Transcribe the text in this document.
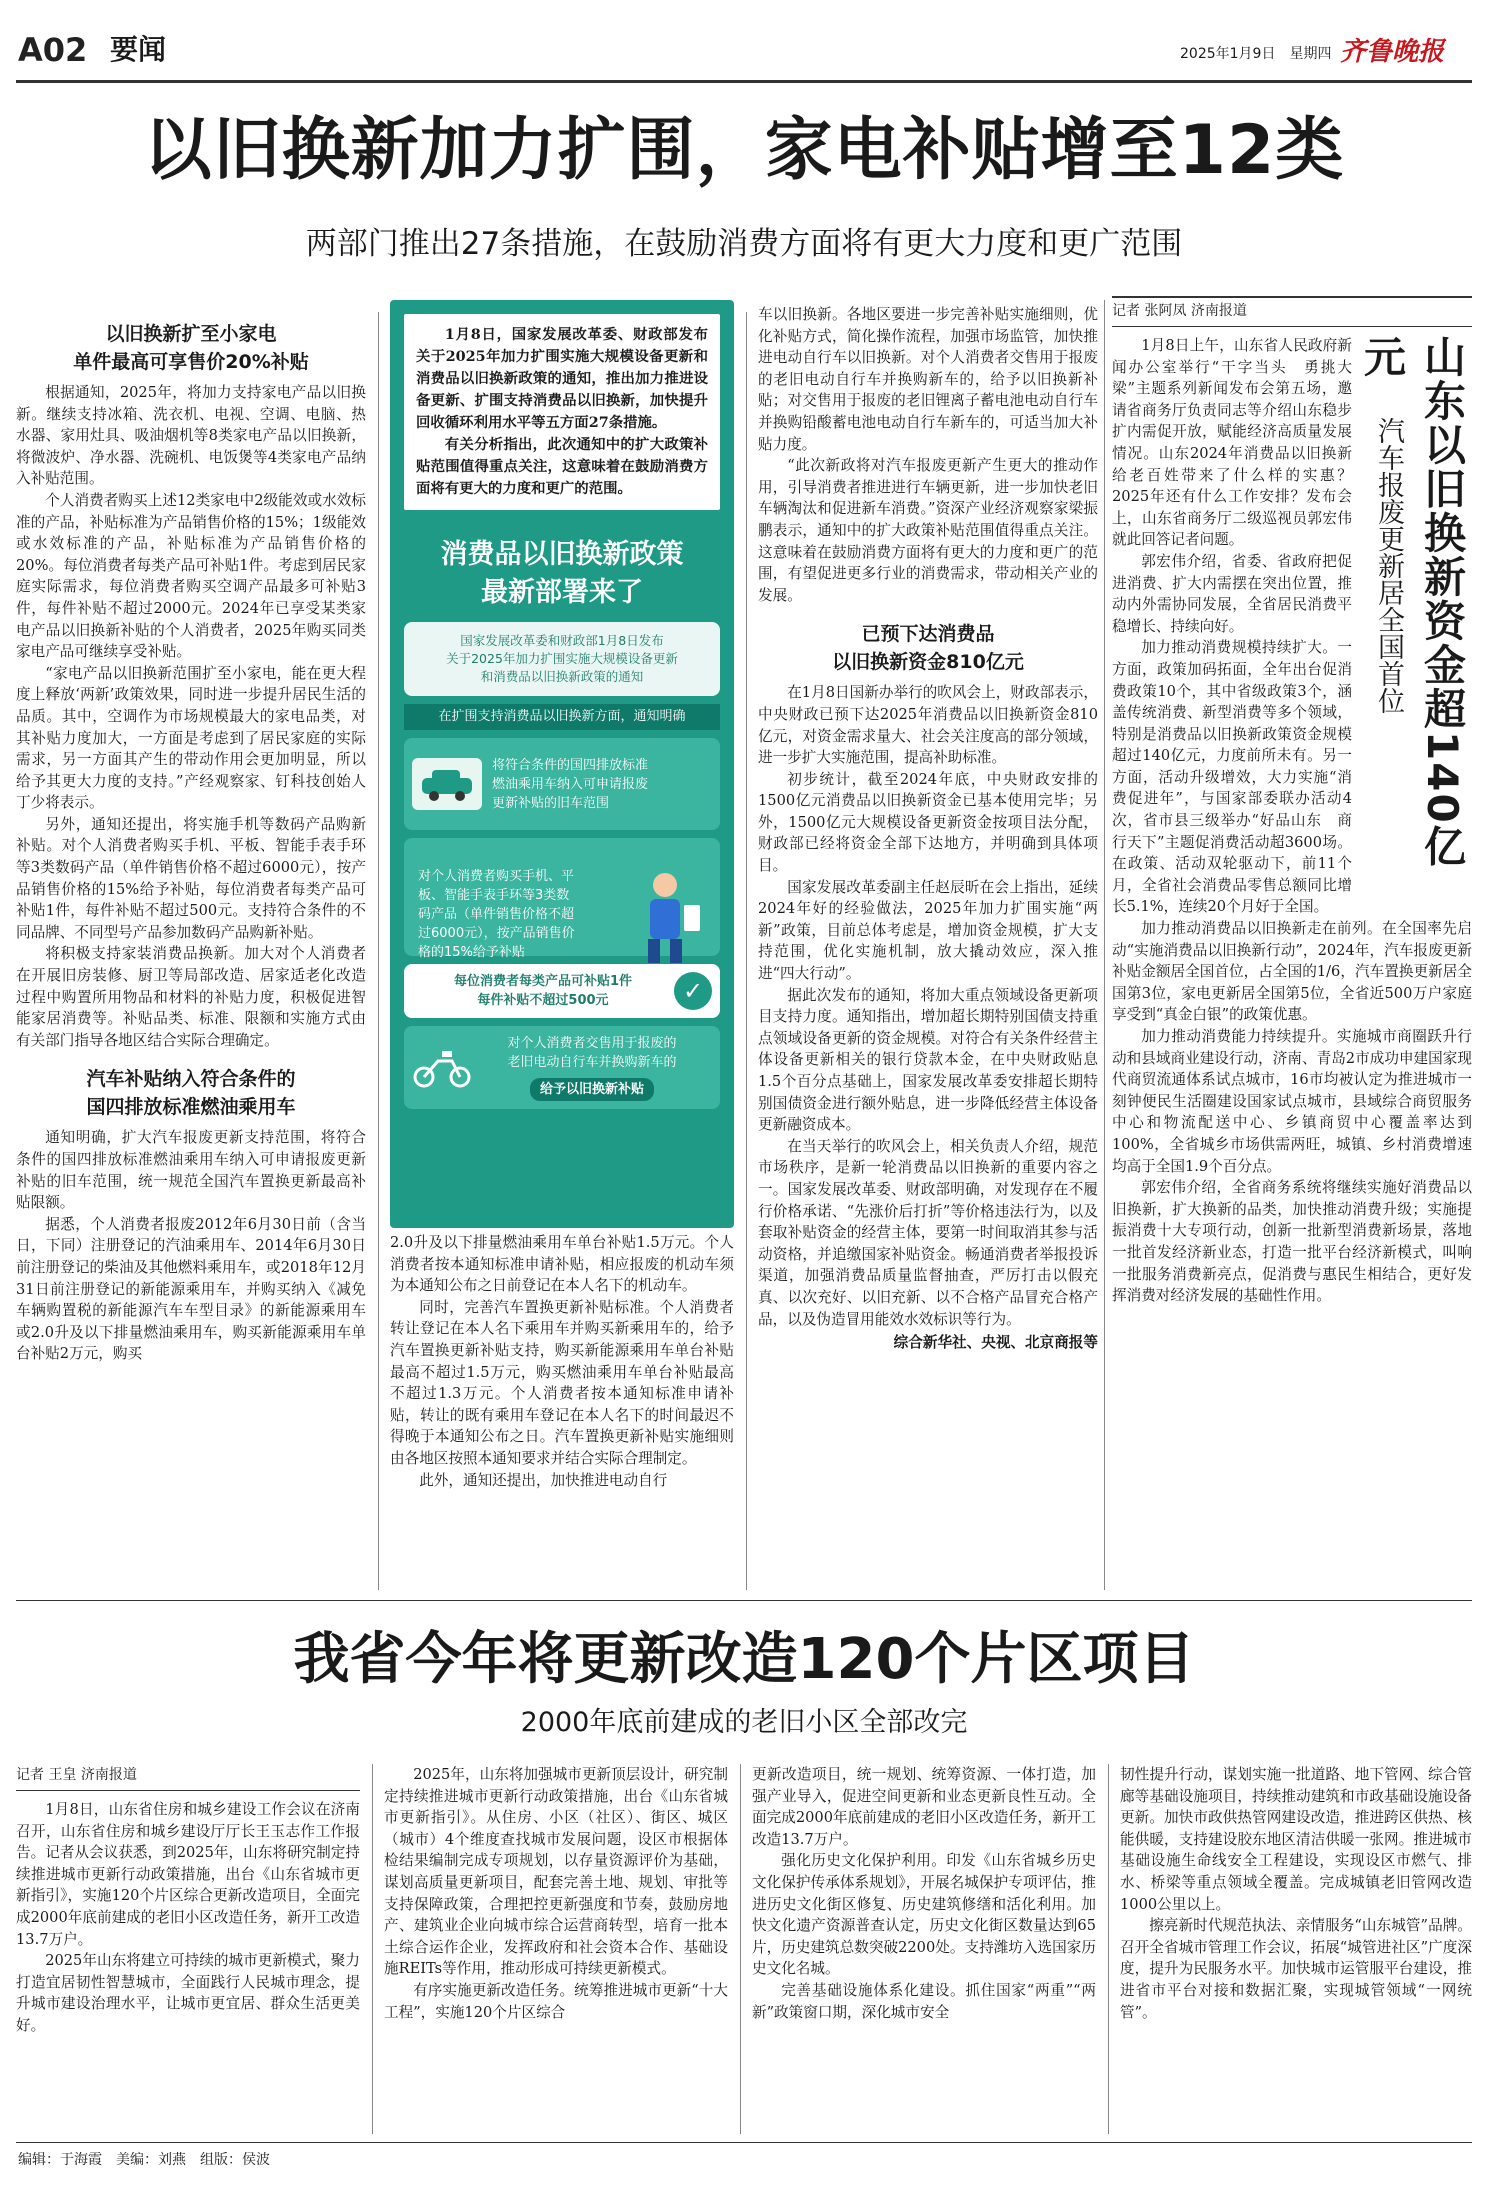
A02 要闻	2025年1月9日　 星期四 齐鲁晚报
以旧换新加力扩围，家电补贴增至12类
两部门推出27条措施，在鼓励消费方面将有更大力度和更广范围
以旧换新扩至小家电
单件最高可享售价20%补贴

根据通知，2025年，将加力支持家电产品以旧换新。继续支持冰箱、洗衣机、电视、空调、电脑、热水器、家用灶具、吸油烟机等8类家电产品以旧换新，将微波炉、净水器、洗碗机、电饭煲等4类家电产品纳入补贴范围。

个人消费者购买上述12类家电中2级能效或水效标准的产品，补贴标准为产品销售价格的15%；1级能效或水效标准的产品，补贴标准为产品销售价格的20%。每位消费者每类产品可补贴1件。考虑到居民家庭实际需求，每位消费者购买空调产品最多可补贴3件，每件补贴不超过2000元。2024年已享受某类家电产品以旧换新补贴的个人消费者，2025年购买同类家电产品可继续享受补贴。

“家电产品以旧换新范围扩至小家电，能在更大程度上释放‘两新’政策效果，同时进一步提升居民生活的品质。其中，空调作为市场规模最大的家电品类，对其补贴力度加大，一方面是考虑到了居民家庭的实际需求，另一方面其产生的带动作用会更加明显，所以给予其更大力度的支持。”产经观察家、钉科技创始人丁少将表示。

另外，通知还提出，将实施手机等数码产品购新补贴。对个人消费者购买手机、平板、智能手表手环等3类数码产品（单件销售价格不超过6000元），按产品销售价格的15%给予补贴，每位消费者每类产品可补贴1件，每件补贴不超过500元。支持符合条件的不同品牌、不同型号产品参加数码产品购新补贴。

将积极支持家装消费品换新。加大对个人消费者在开展旧房装修、厨卫等局部改造、居家适老化改造过程中购置所用物品和材料的补贴力度，积极促进智能家居消费等。补贴品类、标准、限额和实施方式由有关部门指导各地区结合实际合理确定。

汽车补贴纳入符合条件的
国四排放标准燃油乘用车

通知明确，扩大汽车报废更新支持范围，将符合条件的国四排放标准燃油乘用车纳入可申请报废更新补贴的旧车范围，统一规范全国汽车置换更新最高补贴限额。

据悉，个人消费者报废2012年6月30日前（含当日，下同）注册登记的汽油乘用车、2014年6月30日前注册登记的柴油及其他燃料乘用车，或2018年12月31日前注册登记的新能源乘用车，并购买纳入《减免车辆购置税的新能源汽车车型目录》的新能源乘用车或2.0升及以下排量燃油乘用车，购买新能源乘用车单台补贴2万元，购买

1月8日，国家发展改革委、财政部发布关于2025年加力扩围实施大规模设备更新和消费品以旧换新政策的通知，推出加力推进设备更新、扩围支持消费品以旧换新，加快提升回收循环利用水平等五方面27条措施。

有关分析指出，此次通知中的扩大政策补贴范围值得重点关注，这意味着在鼓励消费方面将有更大的力度和更广的范围。

消费品以旧换新政策
最新部署来了
国家发展改革委和财政部1月8日发布
关于2025年加力扩围实施大规模设备更新
和消费品以旧换新政策的通知
在扩围支持消费品以旧换新方面，通知明确
将符合条件的国四排放标准
燃油乘用车纳入可申请报废
更新补贴的旧车范围

对个人消费者购买手机、平
板、智能手表手环等3类数
码产品（单件销售价格不超
过6000元），按产品销售价
格的15%给予补贴

每位消费者每类产品可补贴1件
每件补贴不超过500元	✓
对个人消费者交售用于报废的
老旧电动自行车并换购新车的
给予以旧换新补贴

2.0升及以下排量燃油乘用车单台补贴1.5万元。个人消费者按本通知标准申请补贴，相应报废的机动车须为本通知公布之日前登记在本人名下的机动车。

同时，完善汽车置换更新补贴标准。个人消费者转让登记在本人名下乘用车并购买新乘用车的，给予汽车置换更新补贴支持，购买新能源乘用车单台补贴最高不超过1.5万元，购买燃油乘用车单台补贴最高不超过1.3万元。个人消费者按本通知标准申请补贴，转让的既有乘用车登记在本人名下的时间最迟不得晚于本通知公布之日。汽车置换更新补贴实施细则由各地区按照本通知要求并结合实际合理制定。

此外，通知还提出，加快推进电动自行

车以旧换新。各地区要进一步完善补贴实施细则，优化补贴方式，简化操作流程，加强市场监管，加快推进电动自行车以旧换新。对个人消费者交售用于报废的老旧电动自行车并换购新车的，给予以旧换新补贴；对交售用于报废的老旧锂离子蓄电池电动自行车并换购铅酸蓄电池电动自行车新车的，可适当加大补贴力度。

“此次新政将对汽车报废更新产生更大的推动作用，引导消费者推进进行车辆更新，进一步加快老旧车辆淘汰和促进新车消费。”资深产业经济观察家梁振鹏表示，通知中的扩大政策补贴范围值得重点关注。这意味着在鼓励消费方面将有更大的力度和更广的范围，有望促进更多行业的消费需求，带动相关产业的发展。

已预下达消费品
以旧换新资金810亿元

在1月8日国新办举行的吹风会上，财政部表示，中央财政已预下达2025年消费品以旧换新资金810亿元，对资金需求量大、社会关注度高的部分领域，进一步扩大实施范围，提高补助标准。

初步统计，截至2024年底，中央财政安排的1500亿元消费品以旧换新资金已基本使用完毕；另外，1500亿元大规模设备更新资金按项目法分配，财政部已经将资金全部下达地方，并明确到具体项目。

国家发展改革委副主任赵辰昕在会上指出，延续2024年好的经验做法，2025年加力扩围实施“两新”政策，目前总体考虑是，增加资金规模，扩大支持范围，优化实施机制，放大撬动效应，深入推进“四大行动”。

据此次发布的通知，将加大重点领域设备更新项目支持力度。通知指出，增加超长期特别国债支持重点领域设备更新的资金规模。对符合有关条件经营主体设备更新相关的银行贷款本金，在中央财政贴息1.5个百分点基础上，国家发展改革委安排超长期特别国债资金进行额外贴息，进一步降低经营主体设备更新融资成本。

在当天举行的吹风会上，相关负责人介绍，规范市场秩序，是新一轮消费品以旧换新的重要内容之一。国家发展改革委、财政部明确，对发现存在不履行价格承诺、“先涨价后打折”等价格违法行为，以及套取补贴资金的经营主体，要第一时间取消其参与活动资格，并追缴国家补贴资金。畅通消费者举报投诉渠道，加强消费品质量监督抽查，严厉打击以假充真、以次充好、以旧充新、以不合格产品冒充合格产品，以及伪造冒用能效水效标识等行为。

综合新华社、央视、北京商报等
记者 张阿凤 济南报道
山东以旧换新资金超140亿元
汽车报废更新居全国首位

1月8日上午，山东省人民政府新闻办公室举行“干字当头　勇挑大梁”主题系列新闻发布会第五场，邀请省商务厅负责同志等介绍山东稳步扩内需促开放，赋能经济高质量发展情况。山东2024年消费品以旧换新给老百姓带来了什么样的实惠？2025年还有什么工作安排？发布会上，山东省商务厅二级巡视员郭宏伟就此回答记者问题。

郭宏伟介绍，省委、省政府把促进消费、扩大内需摆在突出位置，推动内外需协同发展，全省居民消费平稳增长、持续向好。

加力推动消费规模持续扩大。一方面，政策加码拓面，全年出台促消费政策10个，其中省级政策3个，涵盖传统消费、新型消费等多个领域，特别是消费品以旧换新政策资金规模超过140亿元，力度前所未有。另一方面，活动升级增效，大力实施“消费促进年”，与国家部委联办活动4次，省市县三级举办“好品山东　商行天下”主题促消费活动超3600场。在政策、活动双轮驱动下，前11个月，全省社会消费品零售总额同比增长5.1%，连续20个月好于全国。

加力推动消费品以旧换新走在前列。在全国率先启动“实施消费品以旧换新行动”，2024年，汽车报废更新补贴金额居全国首位，占全国的1/6，汽车置换更新居全国第3位，家电更新居全国第5位，全省近500万户家庭享受到“真金白银”的政策优惠。

加力推动消费能力持续提升。实施城市商圈跃升行动和县域商业建设行动，济南、青岛2市成功申建国家现代商贸流通体系试点城市，16市均被认定为推进城市一刻钟便民生活圈建设国家试点城市，县域综合商贸服务中心和物流配送中心、乡镇商贸中心覆盖率达到100%，全省城乡市场供需两旺，城镇、乡村消费增速均高于全国1.9个百分点。

郭宏伟介绍，全省商务系统将继续实施好消费品以旧换新，扩大换新的品类，加快推动消费升级；实施提振消费十大专项行动，创新一批新型消费新场景，落地一批首发经济新业态，打造一批平台经济新模式，叫响一批服务消费新亮点，促消费与惠民生相结合，更好发挥消费对经济发展的基础性作用。

我省今年将更新改造120个片区项目
2000年底前建成的老旧小区全部改完
记者 王皇 济南报道

1月8日，山东省住房和城乡建设工作会议在济南召开，山东省住房和城乡建设厅厅长王玉志作工作报告。记者从会议获悉，到2025年，山东将研究制定持续推进城市更新行动政策措施，出台《山东省城市更新指引》，实施120个片区综合更新改造项目，全面完成2000年底前建成的老旧小区改造任务，新开工改造13.7万户。

2025年山东将建立可持续的城市更新模式，聚力打造宜居韧性智慧城市，全面践行人民城市理念，提升城市建设治理水平，让城市更宜居、群众生活更美好。

2025年，山东将加强城市更新顶层设计，研究制定持续推进城市更新行动政策措施，出台《山东省城市更新指引》。从住房、小区（社区）、街区、城区（城市）4个维度查找城市发展问题，设区市根据体检结果编制完成专项规划，以存量资源评价为基础，谋划高质量更新项目，配套完善土地、规划、审批等支持保障政策，合理把控更新强度和节奏，鼓励房地产、建筑业企业向城市综合运营商转型，培育一批本土综合运作企业，发挥政府和社会资本合作、基础设施REITs等作用，推动形成可持续更新模式。

有序实施更新改造任务。统筹推进城市更新“十大工程”，实施120个片区综合

更新改造项目，统一规划、统筹资源、一体打造，加强产业导入，促进空间更新和业态更新良性互动。全面完成2000年底前建成的老旧小区改造任务，新开工改造13.7万户。

强化历史文化保护利用。印发《山东省城乡历史文化保护传承体系规划》，开展名城保护专项评估，推进历史文化街区修复、历史建筑修缮和活化利用。加快文化遗产资源普查认定，历史文化街区数量达到65片，历史建筑总数突破2200处。支持潍坊入选国家历史文化名城。

完善基础设施体系化建设。抓住国家“两重”“两新”政策窗口期，深化城市安全

韧性提升行动，谋划实施一批道路、地下管网、综合管廊等基础设施项目，持续推动建筑和市政基础设施设备更新。加快市政供热管网建设改造，推进跨区供热、核能供暖，支持建设胶东地区清洁供暖一张网。推进城市基础设施生命线安全工程建设，实现设区市燃气、排水、桥梁等重点领域全覆盖。完成城镇老旧管网改造1000公里以上。

擦亮新时代规范执法、亲情服务“山东城管”品牌。召开全省城市管理工作会议，拓展“城管进社区”广度深度，提升为民服务水平。加快城市运管服平台建设，推进省市平台对接和数据汇聚，实现城管领域“一网统管”。

编辑：于海霞　 美编：刘燕　 组版：侯波
